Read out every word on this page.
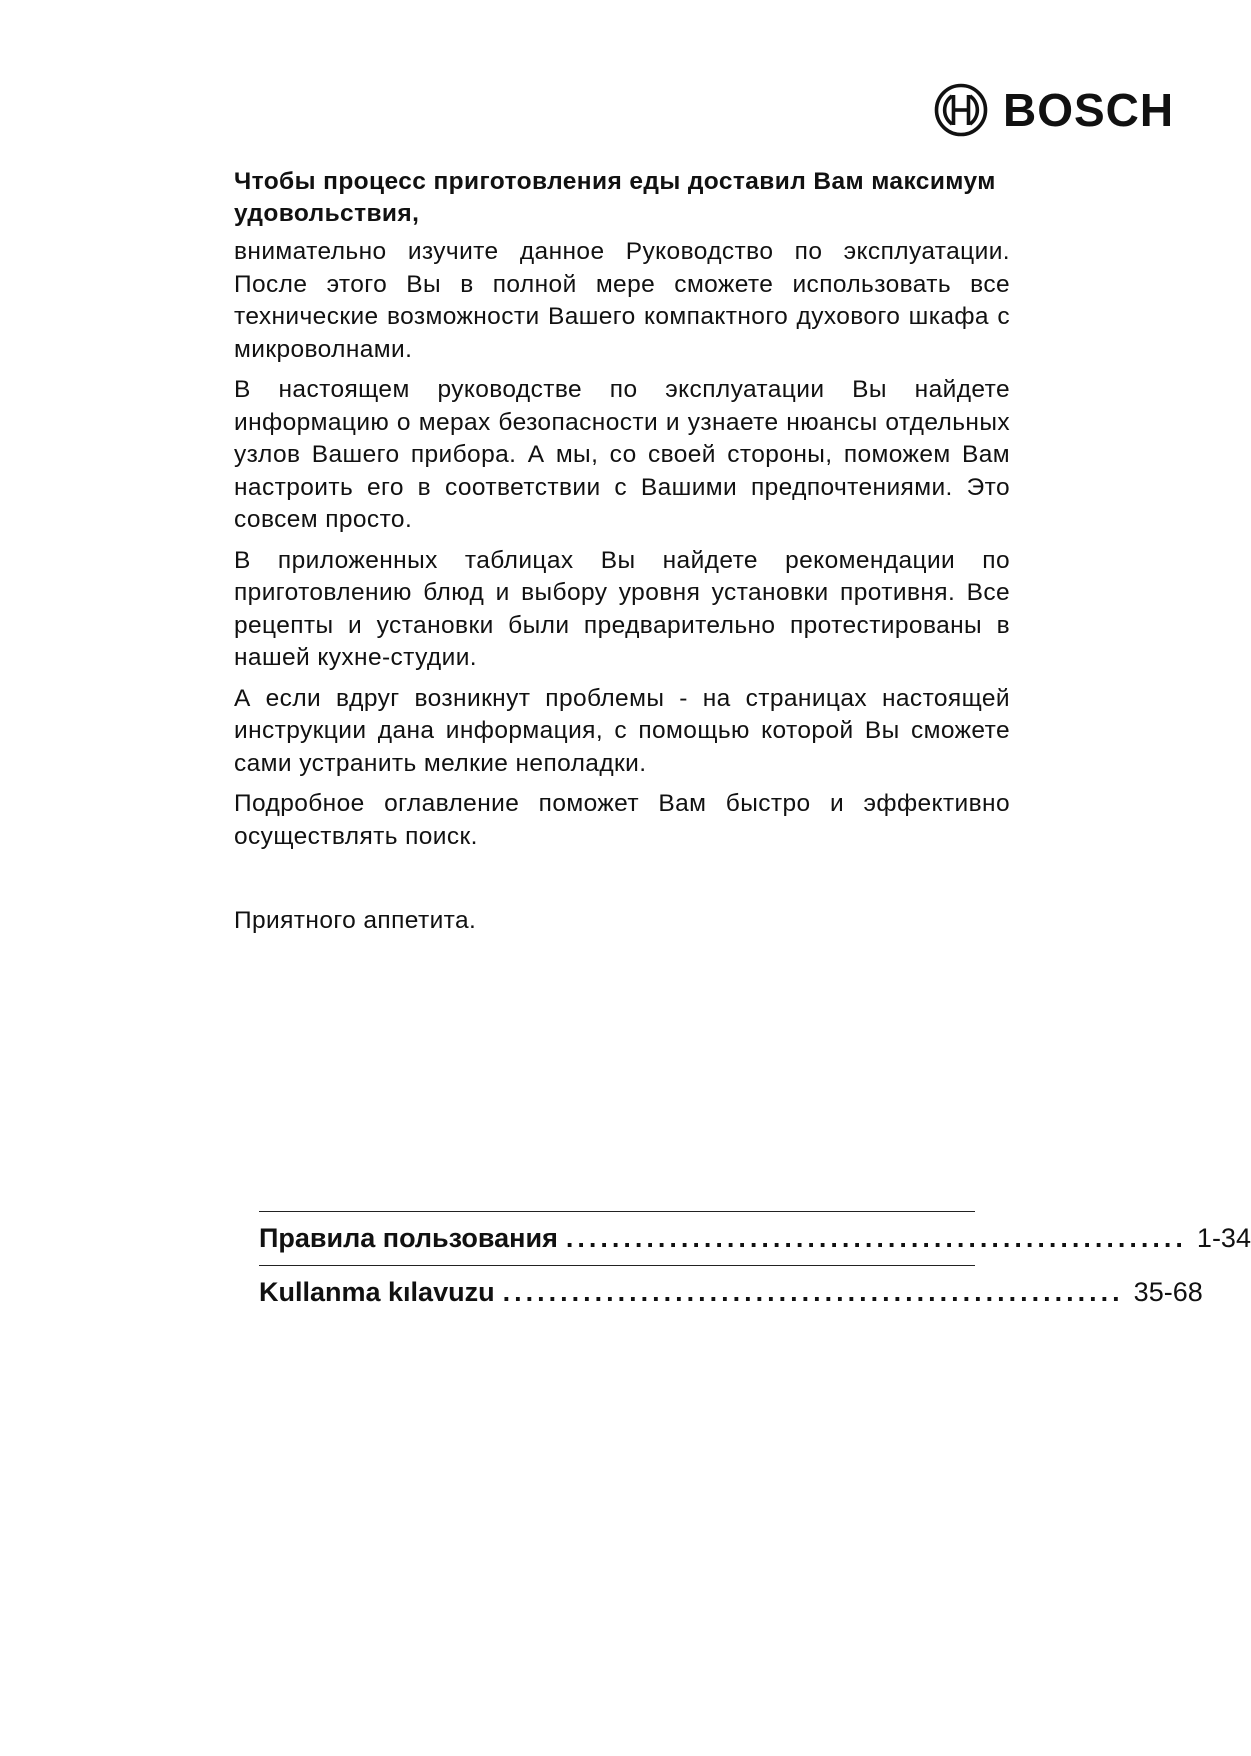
BOSCH
Чтобы процесс приготовления еды доставил Вам максимум удовольствия,

внимательно изучите данное Руководство по эксплуатации. После этого Вы в полной мере сможете использовать все технические возможности Вашего компактного духового шкафа с микроволнами.

В настоящем руководстве по эксплуатации Вы найдете информацию о мерах безопасности и узнаете нюансы отдельных узлов Вашего прибора. А мы, со своей стороны, поможем Вам настроить его в соответствии с Вашими предпочтениями. Это совсем просто.

В приложенных таблицах Вы найдете рекомендации по приготовлению блюд и выбору уровня установки противня. Все рецепты и установки были предварительно протестированы в нашей кухне-студии.

А если вдруг возникнут проблемы - на страницах настоящей инструкции дана информация, с помощью которой Вы сможете сами устранить мелкие неполадки.

Подробное оглавление поможет Вам быстро и эффективно осуществлять поиск.

Приятного аппетита.

Правила пользования ...................................................... 1-34
Kullanma kılavuzu ...................................................... 35-68
